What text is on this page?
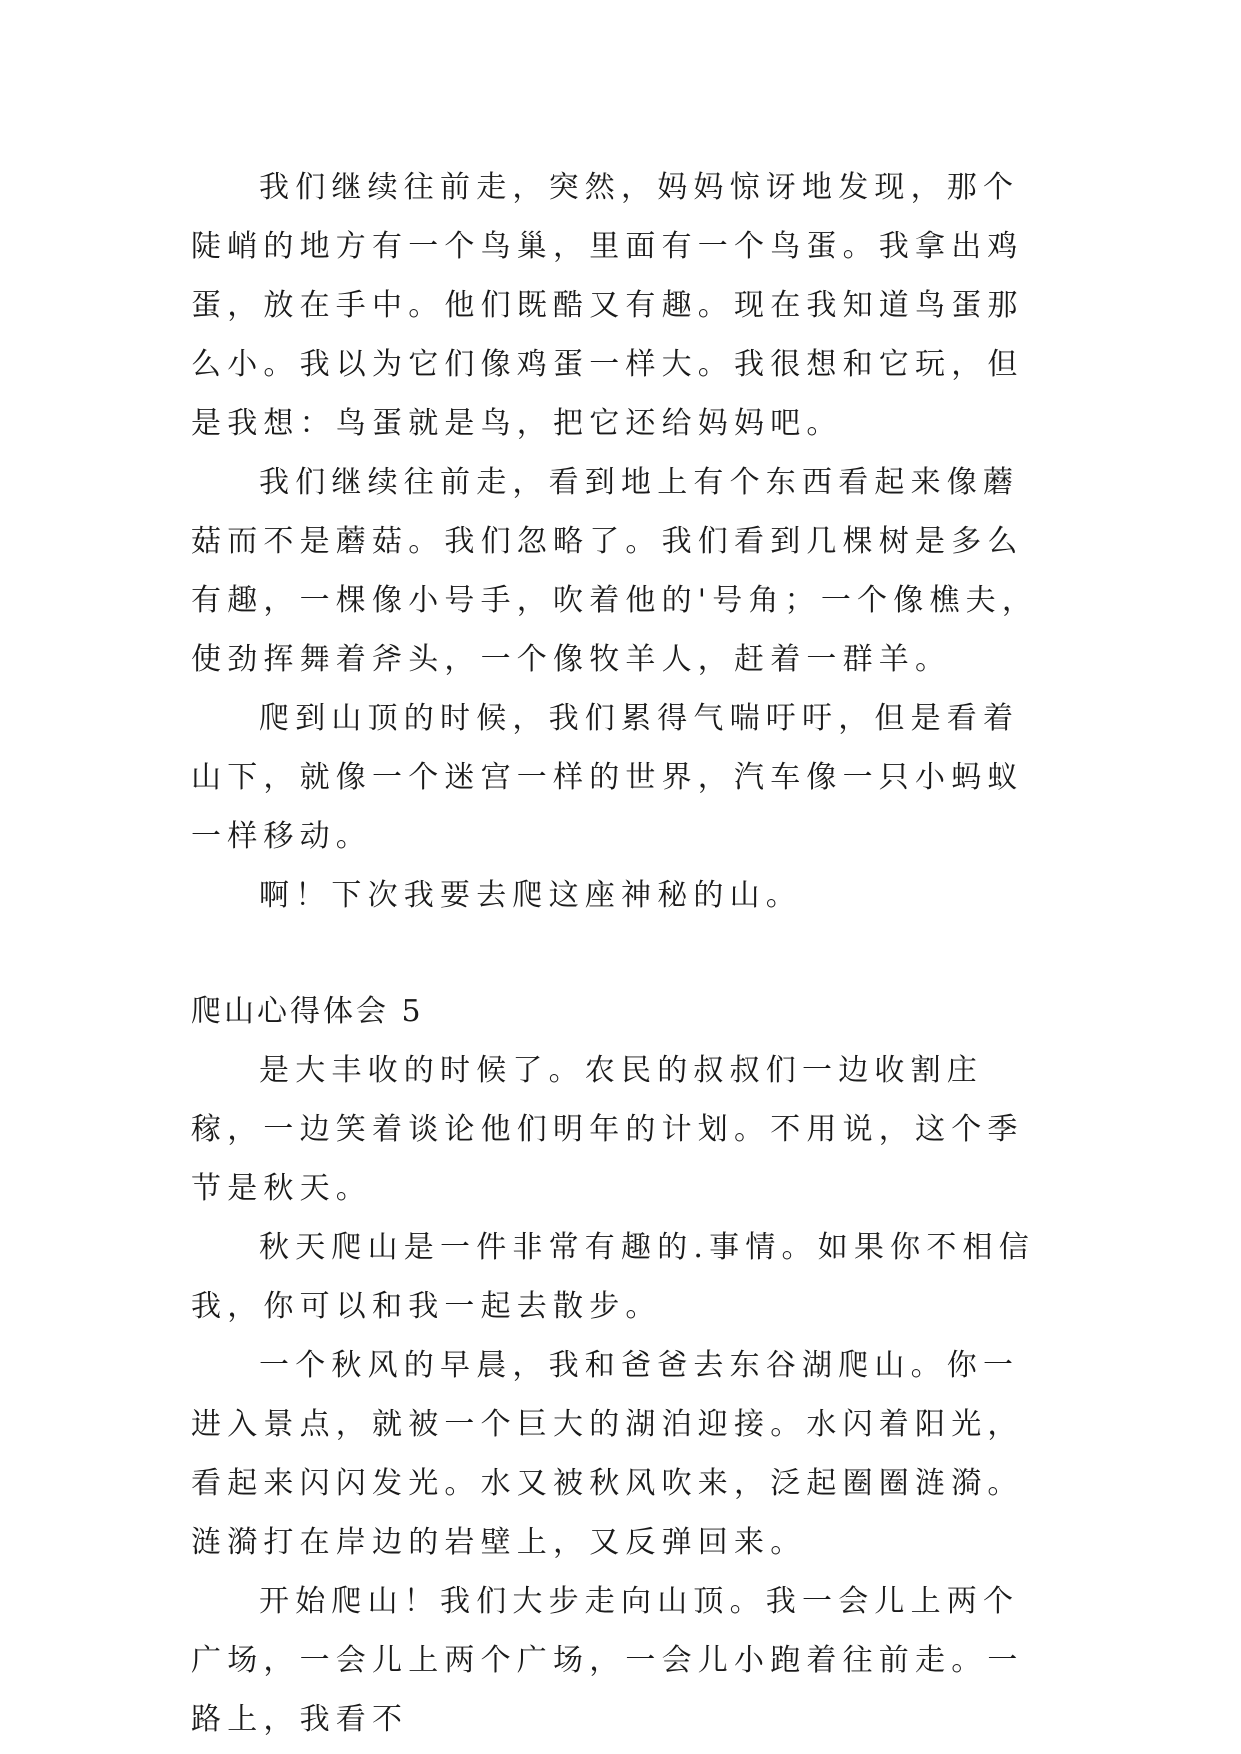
我们继续往前走，突然，妈妈惊讶地发现，那个陡峭的地方有一个鸟巢，里面有一个鸟蛋。我拿出鸡蛋，放在手中。他们既酷又有趣。现在我知道鸟蛋那么小。我以为它们像鸡蛋一样大。我很想和它玩，但是我想：鸟蛋就是鸟，把它还给妈妈吧。

我们继续往前走，看到地上有个东西看起来像蘑菇而不是蘑菇。我们忽略了。我们看到几棵树是多么有趣，一棵像小号手，吹着他的'号角；一个像樵夫，使劲挥舞着斧头，一个像牧羊人，赶着一群羊。

爬到山顶的时候，我们累得气喘吁吁，但是看着山下，就像一个迷宫一样的世界，汽车像一只小蚂蚁一样移动。

啊！下次我要去爬这座神秘的山。

爬山心得体会 5

是大丰收的时候了。农民的叔叔们一边收割庄稼，一边笑着谈论他们明年的计划。不用说，这个季节是秋天。

秋天爬山是一件非常有趣的.事情。如果你不相信我，你可以和我一起去散步。

一个秋风的早晨，我和爸爸去东谷湖爬山。你一进入景点，就被一个巨大的湖泊迎接。水闪着阳光，看起来闪闪发光。水又被秋风吹来，泛起圈圈涟漪。涟漪打在岸边的岩壁上，又反弹回来。

开始爬山！我们大步走向山顶。我一会儿上两个广场，一会儿上两个广场，一会儿小跑着往前走。一路上，我看不
